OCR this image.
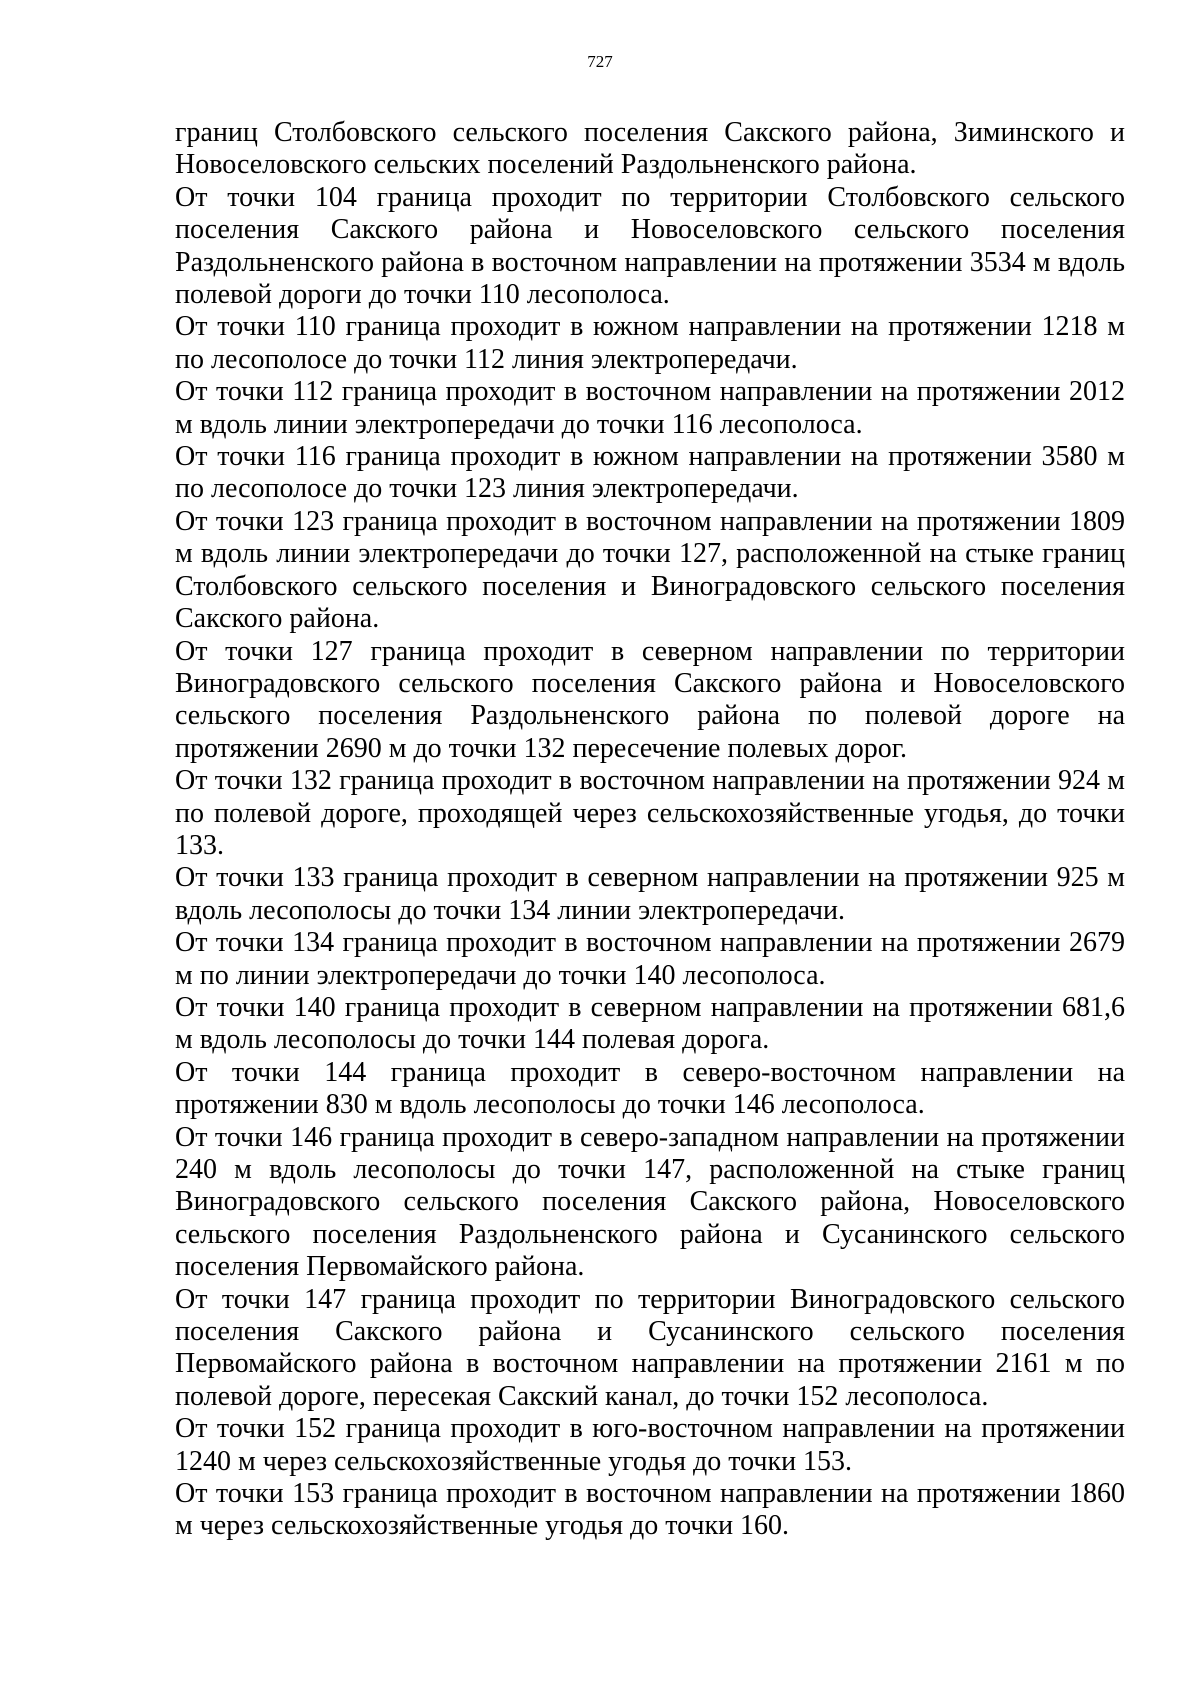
727

границ Столбовского сельского поселения Сакского района, Зиминского и Новоселовского сельских поселений Раздольненского района.

От точки 104 граница проходит по территории Столбовского сельского поселения Сакского района и Новоселовского сельского поселения Раздольненского района в восточном направлении на протяжении 3534 м вдоль полевой дороги до точки 110 лесополоса.

От точки 110 граница проходит в южном направлении на протяжении 1218 м по лесополосе до точки 112 линия электропередачи.

От точки 112 граница проходит в восточном направлении на протяжении 2012 м вдоль линии электропередачи до точки 116 лесополоса.

От точки 116 граница проходит в южном направлении на протяжении 3580 м по лесополосе до точки 123 линия электропередачи.

От точки 123 граница проходит в восточном направлении на протяжении 1809 м вдоль линии электропередачи до точки 127, расположенной на стыке границ Столбовского сельского поселения и Виноградовского сельского поселения Сакского района.

От точки 127 граница проходит в северном направлении по территории Виноградовского сельского поселения Сакского района и Новоселовского сельского поселения Раздольненского района по полевой дороге на протяжении 2690 м до точки 132 пересечение полевых дорог.

От точки 132 граница проходит в восточном направлении на протяжении 924 м по полевой дороге, проходящей через сельскохозяйственные угодья, до точки 133.

От точки 133 граница проходит в северном направлении на протяжении 925 м вдоль лесополосы до точки 134 линии электропередачи.

От точки 134 граница проходит в восточном направлении на протяжении 2679 м по линии электропередачи до точки 140 лесополоса.

От точки 140 граница проходит в северном направлении на протяжении 681,6 м вдоль лесополосы до точки 144 полевая дорога.

От точки 144 граница проходит в северо-восточном направлении на протяжении 830 м вдоль лесополосы до точки 146 лесополоса.

От точки 146 граница проходит в северо-западном направлении на протяжении 240 м вдоль лесополосы до точки 147, расположенной на стыке границ Виноградовского сельского поселения Сакского района, Новоселовского сельского поселения Раздольненского района и Сусанинского сельского поселения Первомайского района.

От точки 147 граница проходит по территории Виноградовского сельского поселения Сакского района и Сусанинского сельского поселения Первомайского района в восточном направлении на протяжении 2161 м по полевой дороге, пересекая Сакский канал, до точки 152 лесополоса.

От точки 152 граница проходит в юго-восточном направлении на протяжении 1240 м через сельскохозяйственные угодья до точки 153.

От точки 153 граница проходит в восточном направлении на протяжении 1860 м через сельскохозяйственные угодья до точки 160.
